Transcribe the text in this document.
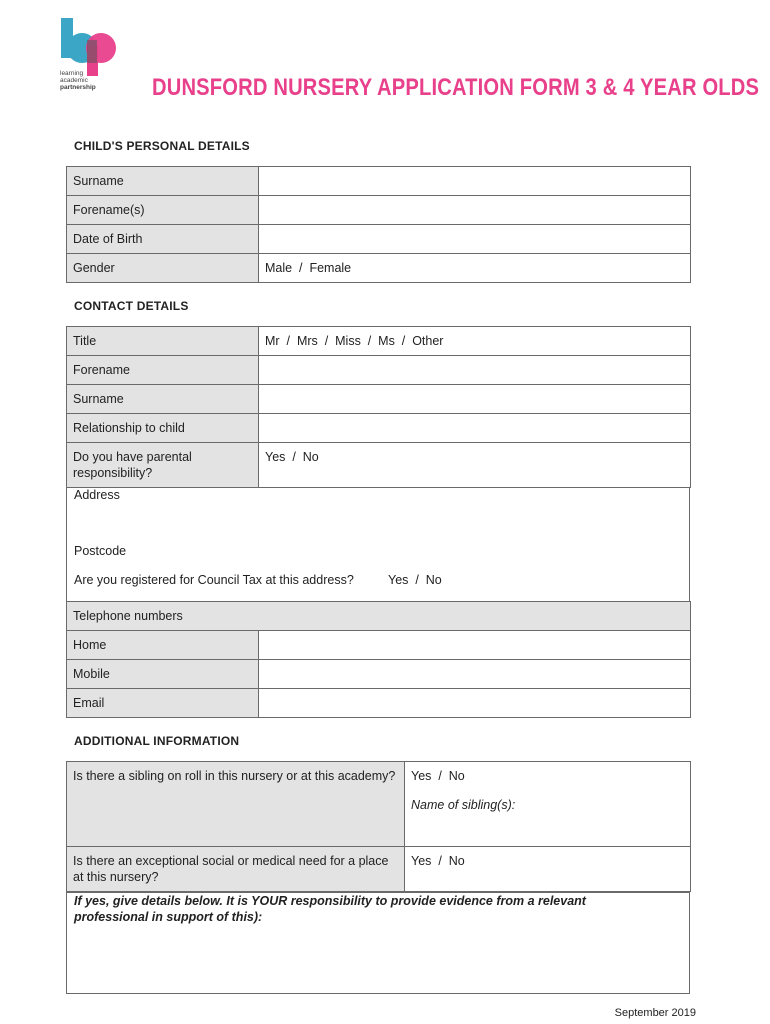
learning
academic
partnership DUNSFORD NURSERY APPLICATION FORM 3 & 4 YEAR OLDS
CHILD'S PERSONAL DETAILS
Surname	
Forename(s)	
Date of Birth	
Gender	Male  /  Female
CONTACT DETAILS
Title	Mr  /  Mrs  /  Miss  /  Ms  /  Other
Forename	
Surname	
Relationship to child	
Do you have parental responsibility?	Yes  /  No
Address
Postcode
Are you registered for Council Tax at this address?	Yes  /  No
Telephone numbers	
Home	
Mobile	
Email	
ADDITIONAL INFORMATION
Is there a sibling on roll in this nursery or at this academy?	Yes  /  No
Name of sibling(s):

Is there an exceptional social or medical need for a place at this nursery?	Yes  /  No
If yes, give details below. It is YOUR responsibility to provide evidence from a relevant professional in support of this):
September 2019
